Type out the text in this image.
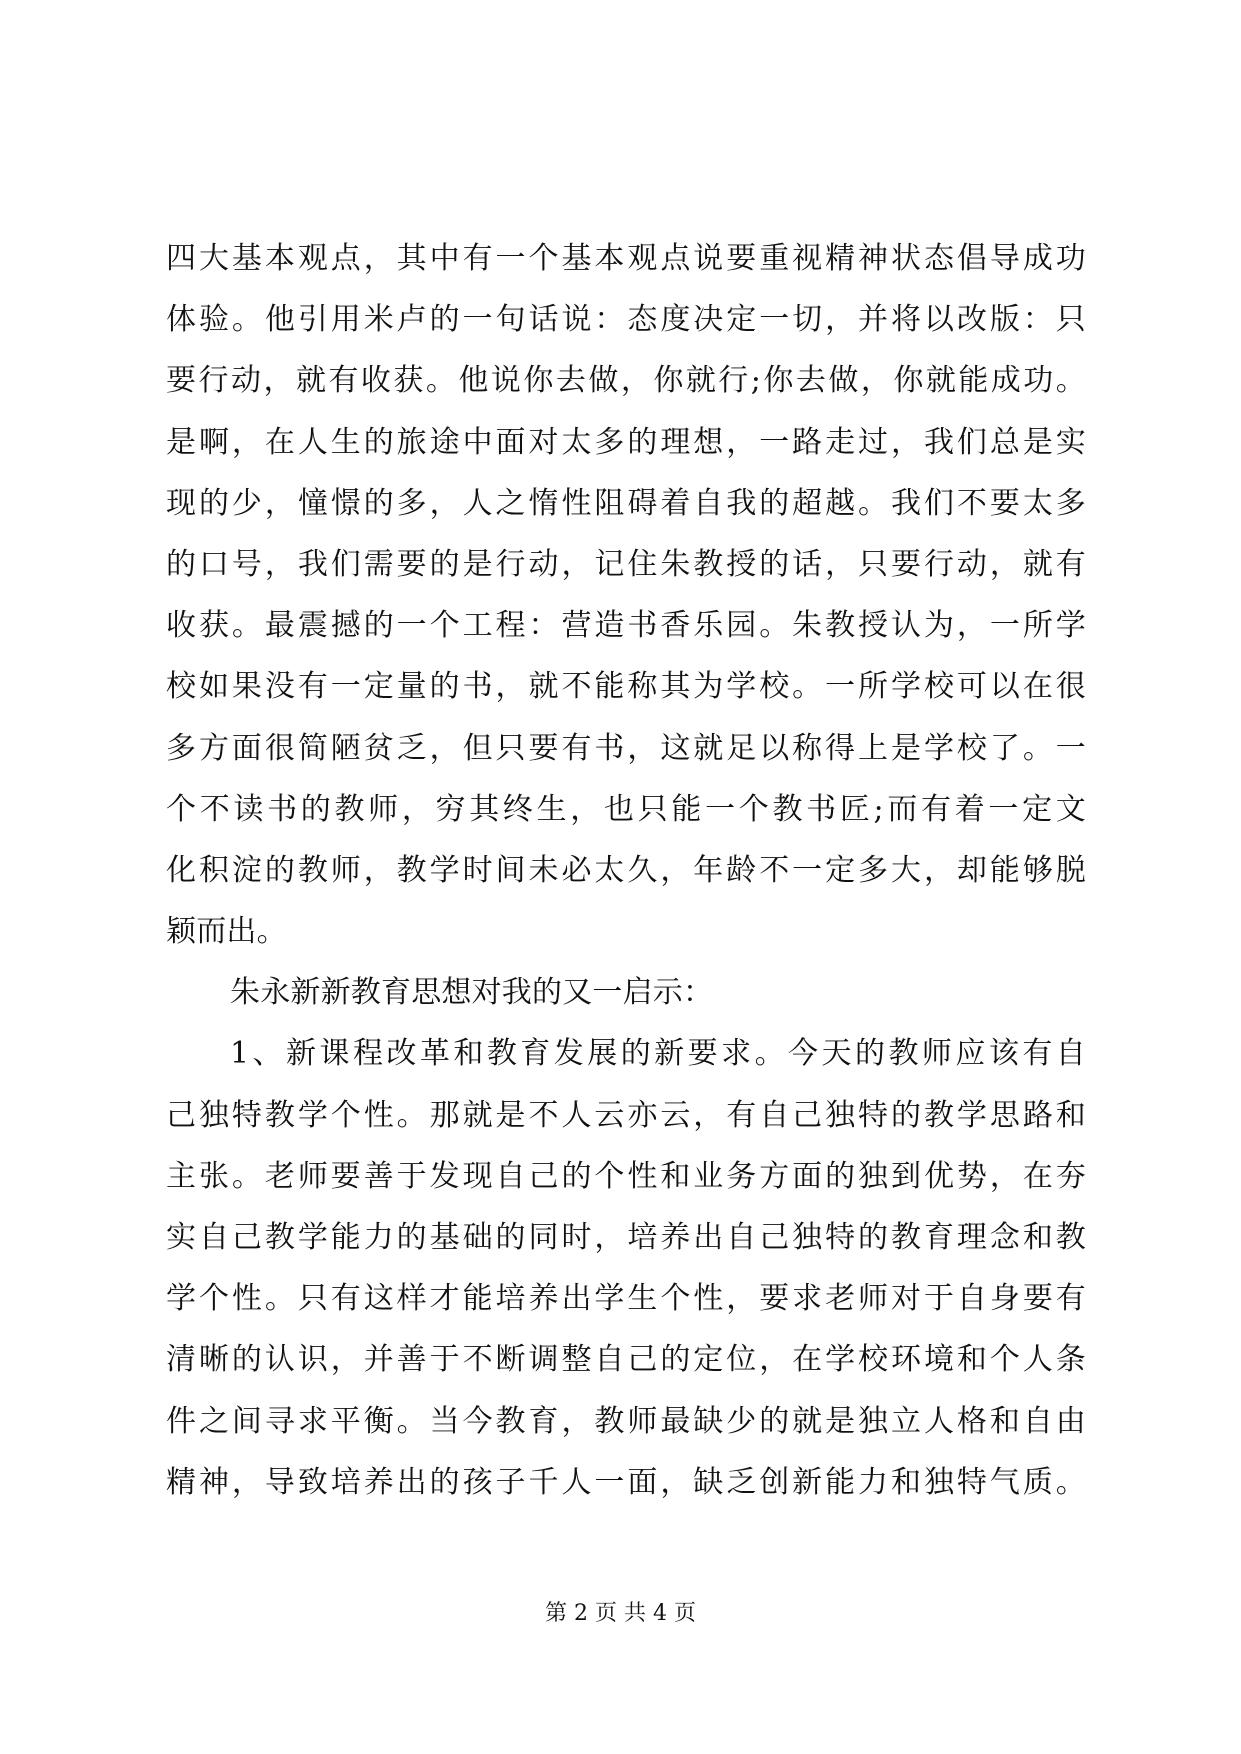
四大基本观点，其中有一个基本观点说要重视精神状态倡导成功
体验。他引用米卢的一句话说：态度决定一切，并将以改版：只
要行动，就有收获。他说你去做，你就行;你去做，你就能成功。
是啊，在人生的旅途中面对太多的理想，一路走过，我们总是实
现的少，憧憬的多，人之惰性阻碍着自我的超越。我们不要太多
的口号，我们需要的是行动，记住朱教授的话，只要行动，就有
收获。最震撼的一个工程：营造书香乐园。朱教授认为，一所学
校如果没有一定量的书，就不能称其为学校。一所学校可以在很
多方面很简陋贫乏，但只要有书，这就足以称得上是学校了。一
个不读书的教师，穷其终生，也只能一个教书匠;而有着一定文
化积淀的教师，教学时间未必太久，年龄不一定多大，却能够脱
颖而出。
朱永新新教育思想对我的又一启示：
1、新课程改革和教育发展的新要求。今天的教师应该有自
己独特教学个性。那就是不人云亦云，有自己独特的教学思路和
主张。老师要善于发现自己的个性和业务方面的独到优势，在夯
实自己教学能力的基础的同时，培养出自己独特的教育理念和教
学个性。只有这样才能培养出学生个性，要求老师对于自身要有
清晰的认识，并善于不断调整自己的定位，在学校环境和个人条
件之间寻求平衡。当今教育，教师最缺少的就是独立人格和自由
精神，导致培养出的孩子千人一面，缺乏创新能力和独特气质。
第 2 页 共 4 页
